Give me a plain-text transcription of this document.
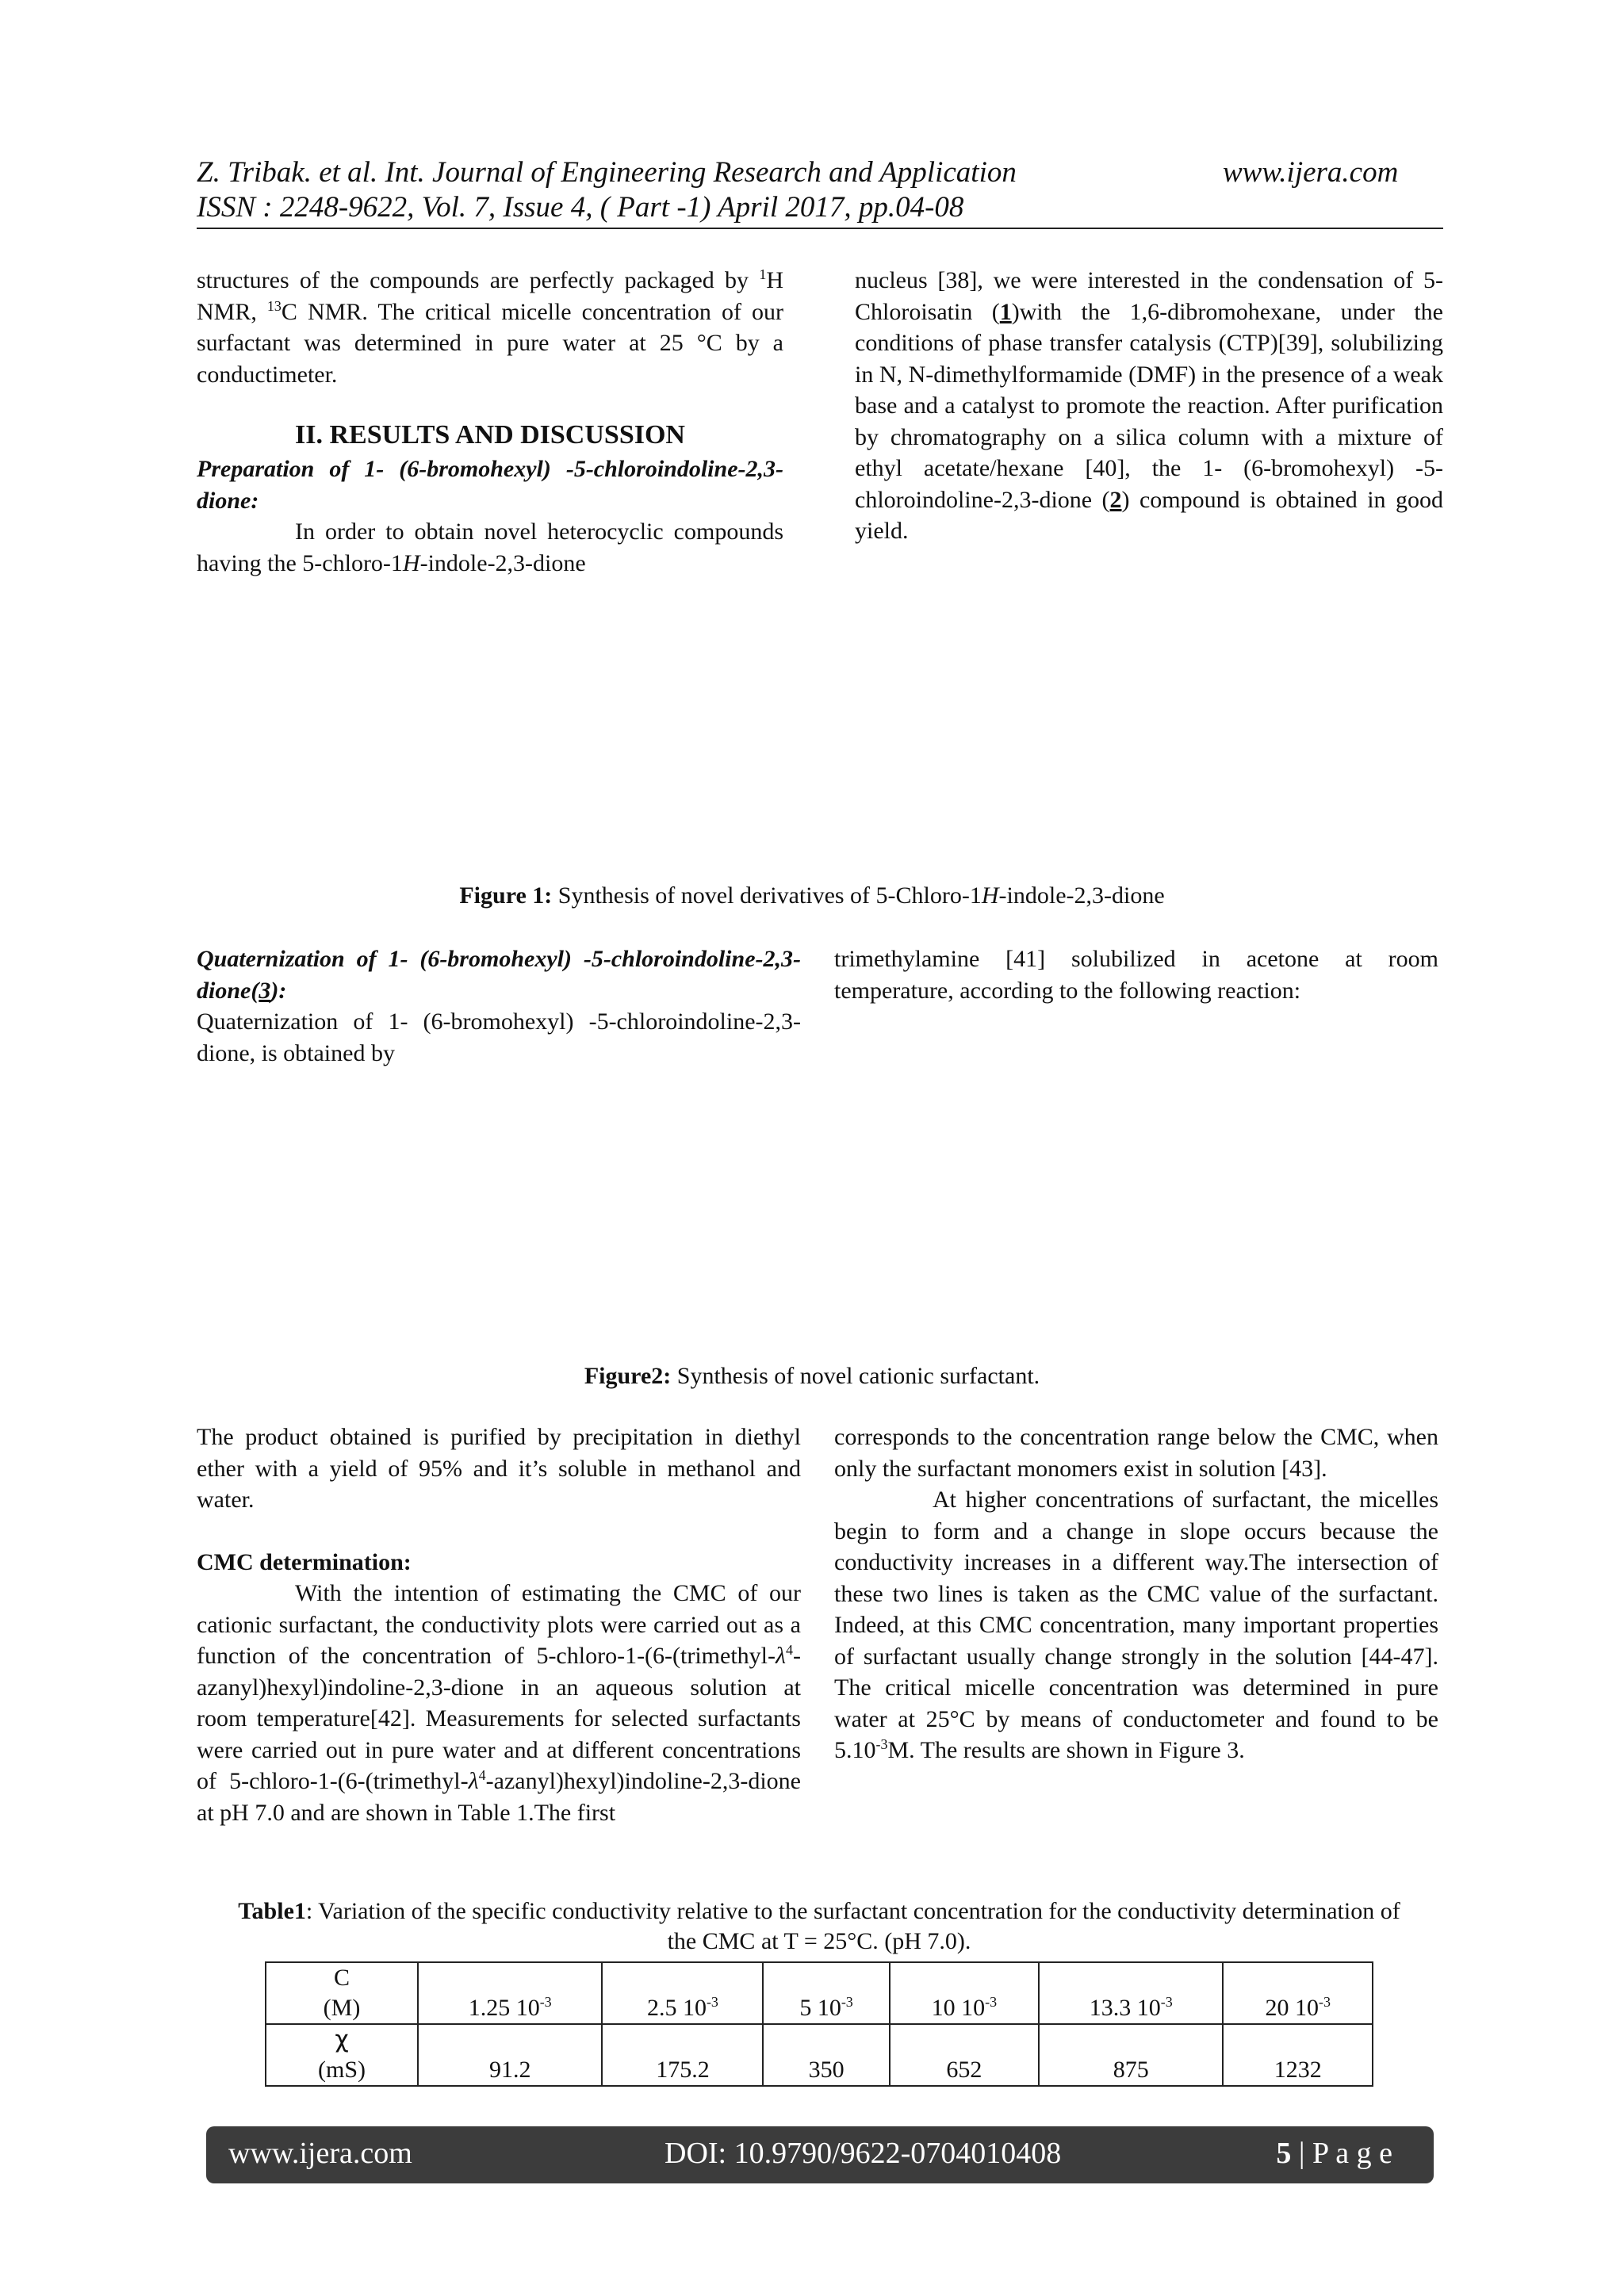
Z. Tribak. et al. Int. Journal of Engineering Research and Application	www.ijera.com
ISSN : 2248-9622, Vol. 7, Issue 4, ( Part -1) April 2017, pp.04-08

structures of the compounds are perfectly packaged by $^1$H NMR, $^{13}$C NMR. The critical micelle concentration of our surfactant was determined in pure water at 25 °C by a conductimeter.

II. RESULTS AND DISCUSSION

Preparation of 1- (6-bromohexyl) -5-chloroindoline-2,3-dione:

In order to obtain novel heterocyclic compounds having the 5-chloro-1H-indole-2,3-dione

nucleus [38], we were interested in the condensation of 5-Chloroisatin (1)with the 1,6-dibromohexane, under the conditions of phase transfer catalysis (CTP)[39], solubilizing in N, N-dimethylformamide (DMF) in the presence of a weak base and a catalyst to promote the reaction. After purification by chromatography on a silica column with a mixture of ethyl acetate/hexane [40], the 1- (6-bromohexyl) -5-chloroindoline-2,3-dione (2) compound is obtained in good yield.

Figure 1: Synthesis of novel derivatives of 5-Chloro-1H-indole-2,3-dione

Quaternization of 1- (6-bromohexyl) -5-chloroindoline-2,3-dione(3):

Quaternization of 1- (6-bromohexyl) -5-chloroindoline-2,3-dione, is obtained by

trimethylamine [41] solubilized in acetone at room temperature, according to the following reaction:

Figure2: Synthesis of novel cationic surfactant.

The product obtained is purified by precipitation in diethyl ether with a yield of 95% and it’s soluble in methanol and water.

CMC determination:

With the intention of estimating the CMC of our cationic surfactant, the conductivity plots were carried out as a function of the concentration of $5-chloro-1-(6-(trimethyl-\lambda^4-azanyl)hexyl)indoline-2,3$-dione in an aqueous solution at room temperature[42]. Measurements for selected surfactants were carried out in pure water and at different concentrations of $5-chloro-1-(6-(trimethyl-\lambda^4-azanyl)hexyl)indoline-2,3$-dione at pH 7.0 and are shown in Table 1.The first

corresponds to the concentration range below the CMC, when only the surfactant monomers exist in solution [43].

At higher concentrations of surfactant, the micelles begin to form and a change in slope occurs because the conductivity increases in a different way.The intersection of these two lines is taken as the CMC value of the surfactant. Indeed, at this CMC concentration, many important properties of surfactant usually change strongly in the solution [44-47]. The critical micelle concentration was determined in pure water at 25°C by means of conductometer and found to be $5.10^{-3}M$. The results are shown in Figure 3.

Table1: Variation of the specific conductivity relative to the surfactant concentration for the conductivity determination of the CMC at T = 25°C. (pH 7.0).
C
(M)	1.25 $10^{-3}$	2.5 $10^{-3}$	5 $10^{-3}$	10 $10^{-3}$	13.3 $10^{-3}$	20 $10^{-3}$
χ
(mS)	91.2	175.2	350	652	875	1232
www.ijera.com	DOI: 10.9790/9622-0704010408	5 | P a g e
